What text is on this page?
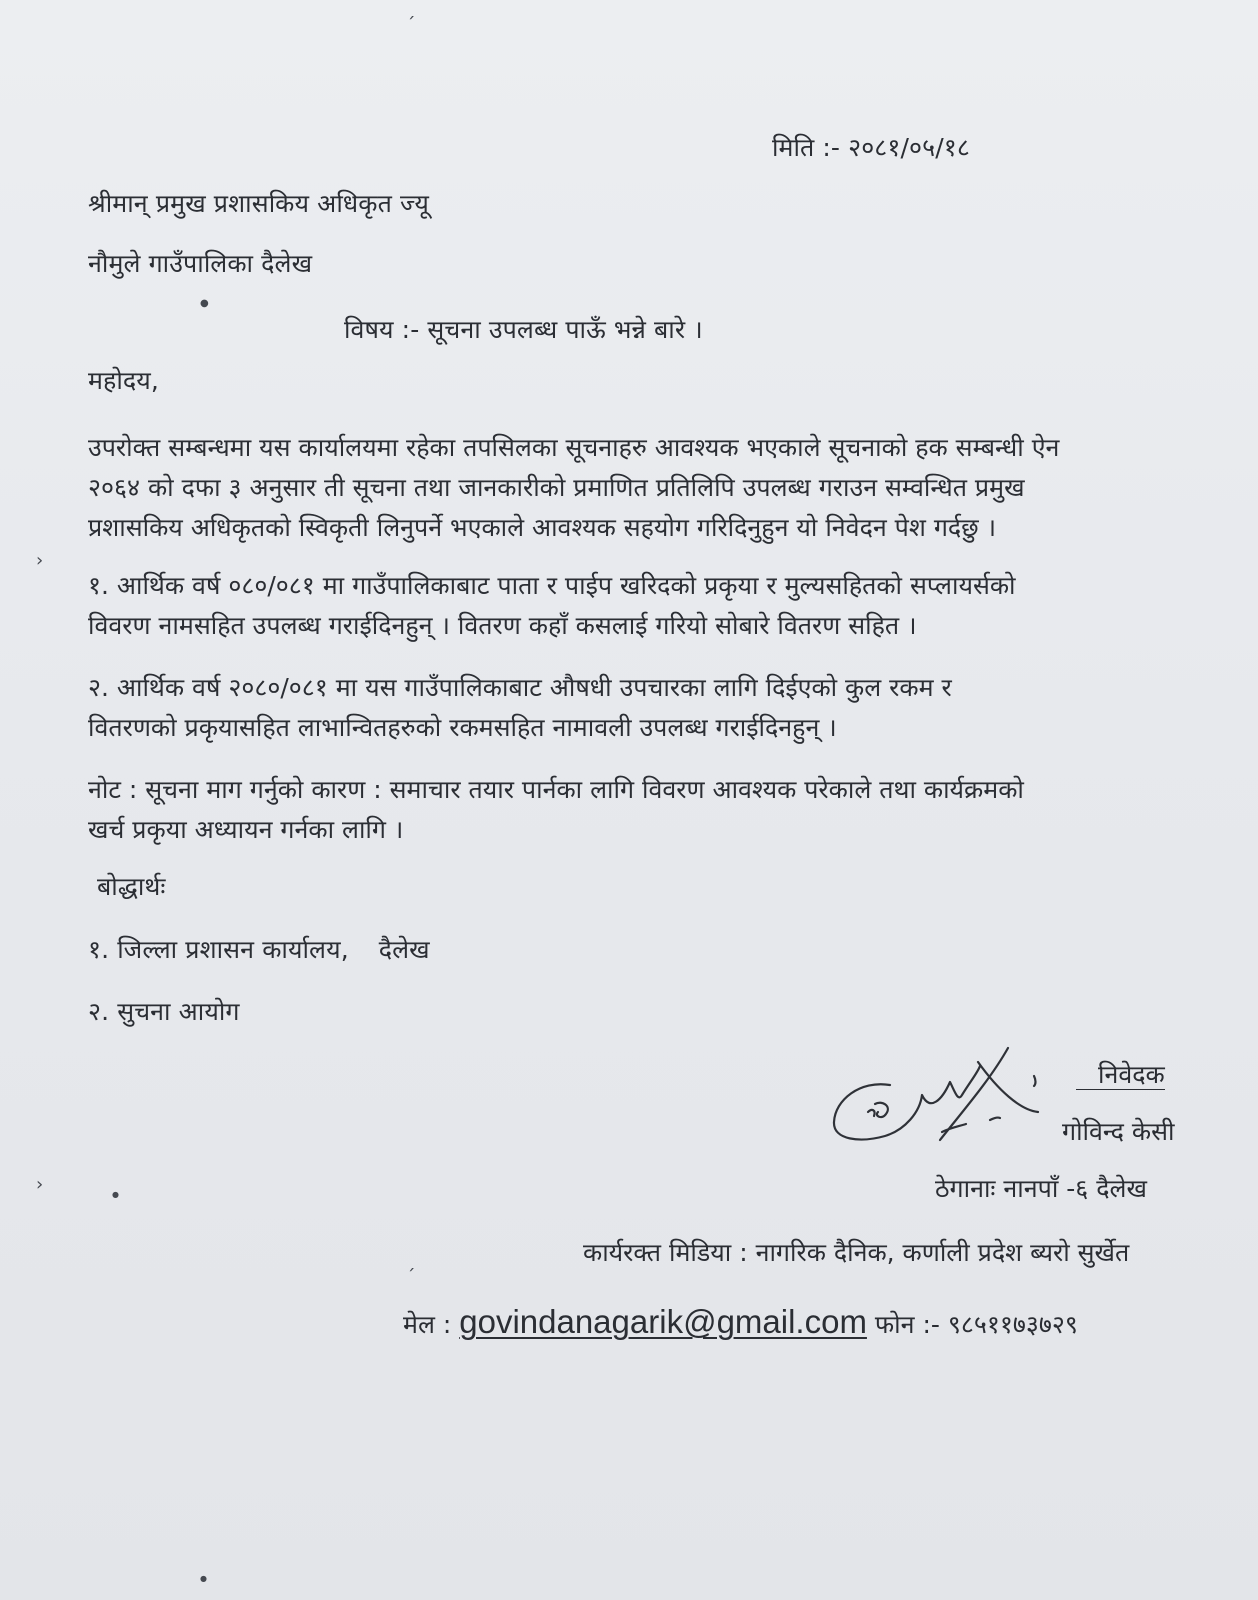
मिति :- २०८१/०५/१८
श्रीमान् प्रमुख प्रशासकिय अधिकृत ज्यू
नौमुले गाउँपालिका दैलेख
विषय :- सूचना उपलब्ध पाऊँ भन्ने बारे ।
महोदय,
उपरोक्त सम्बन्धमा यस कार्यालयमा रहेका तपसिलका सूचनाहरु आवश्यक भएकाले सूचनाको हक सम्बन्धी ऐन
२०६४ को दफा ३ अनुसार ती सूचना तथा जानकारीको प्रमाणित प्रतिलिपि उपलब्ध गराउन सम्वन्धित प्रमुख
प्रशासकिय अधिकृतको स्विकृती लिनुपर्ने भएकाले आवश्यक सहयोग गरिदिनुहुन यो निवेदन पेश गर्दछु ।
१. आर्थिक वर्ष ०८०/०८१ मा गाउँपालिकाबाट पाता र पाईप खरिदको प्रकृया र मुल्यसहितको सप्लायर्सको
विवरण नामसहित उपलब्ध गराईदिनहुन् । वितरण कहाँ कसलाई गरियो सोबारे वितरण सहित ।
२. आर्थिक वर्ष २०८०/०८१ मा यस गाउँपालिकाबाट औषधी उपचारका लागि दिईएको कुल रकम र
वितरणको प्रकृयासहित लाभान्वितहरुको रकमसहित नामावली उपलब्ध गराईदिनहुन् ।
नोट : सूचना माग गर्नुको कारण : समाचार तयार पार्नका लागि विवरण आवश्यक परेकाले तथा कार्यक्रमको
खर्च प्रकृया अध्यायन गर्नका लागि ।
बोद्धार्थः
१. जिल्ला प्रशासन कार्यालय, दैलेख
२. सुचना आयोग
निवेदक
गोविन्द केसी
ठेगानाः नानपाँ -६ दैलेख
कार्यरक्त मिडिया : नागरिक दैनिक, कर्णाली प्रदेश ब्यरो सुर्खेत
मेल : govindanagarik@gmail.com फोन :- ९८५११७३७२९
׳
●
›
›	●
׳
●
